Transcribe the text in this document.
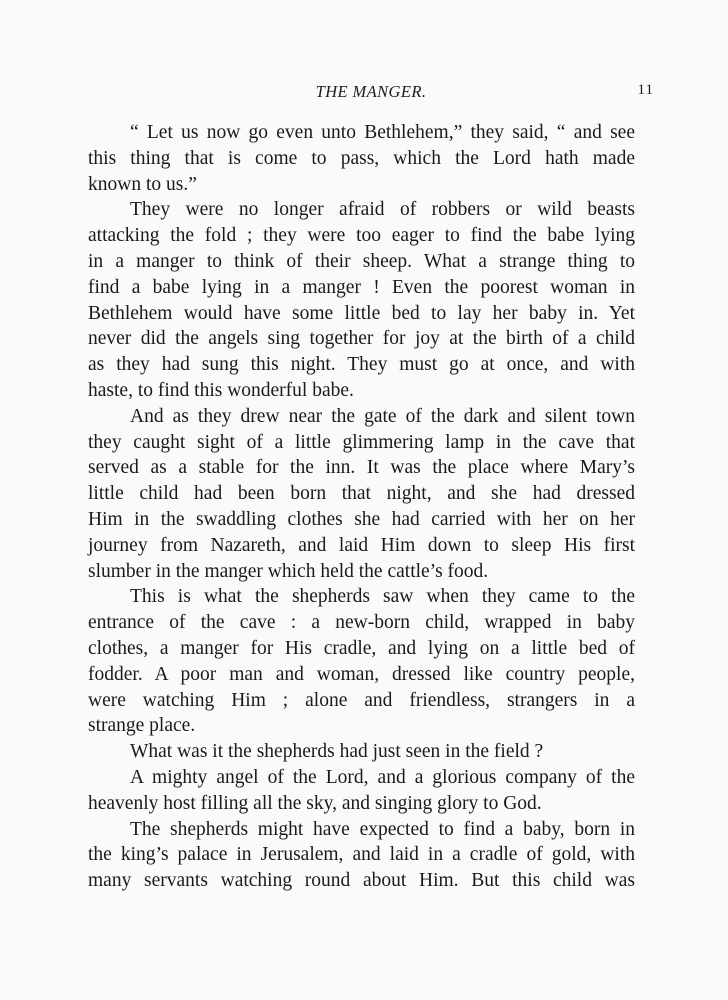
THE MANGER.	11
“ Let us now go even unto Bethlehem,” they said, “ and see
this thing that is come to pass, which the Lord hath made
known to us.”
They were no longer afraid of robbers or wild beasts
attacking the fold ; they were too eager to find the babe lying
in a manger to think of their sheep. What a strange thing to
find a babe lying in a manger ! Even the poorest woman in
Bethlehem would have some little bed to lay her baby in. Yet
never did the angels sing together for joy at the birth of a child
as they had sung this night. They must go at once, and with
haste, to find this wonderful babe.
And as they drew near the gate of the dark and silent town
they caught sight of a little glimmering lamp in the cave that
served as a stable for the inn. It was the place where Mary’s
little child had been born that night, and she had dressed
Him in the swaddling clothes she had carried with her on her
journey from Nazareth, and laid Him down to sleep His first
slumber in the manger which held the cattle’s food.
This is what the shepherds saw when they came to the
entrance of the cave : a new-born child, wrapped in baby
clothes, a manger for His cradle, and lying on a little bed of
fodder. A poor man and woman, dressed like country people,
were watching Him ; alone and friendless, strangers in a
strange place.
What was it the shepherds had just seen in the field ?
A mighty angel of the Lord, and a glorious company of the
heavenly host filling all the sky, and singing glory to God.
The shepherds might have expected to find a baby, born in
the king’s palace in Jerusalem, and laid in a cradle of gold, with
many servants watching round about Him. But this child was
